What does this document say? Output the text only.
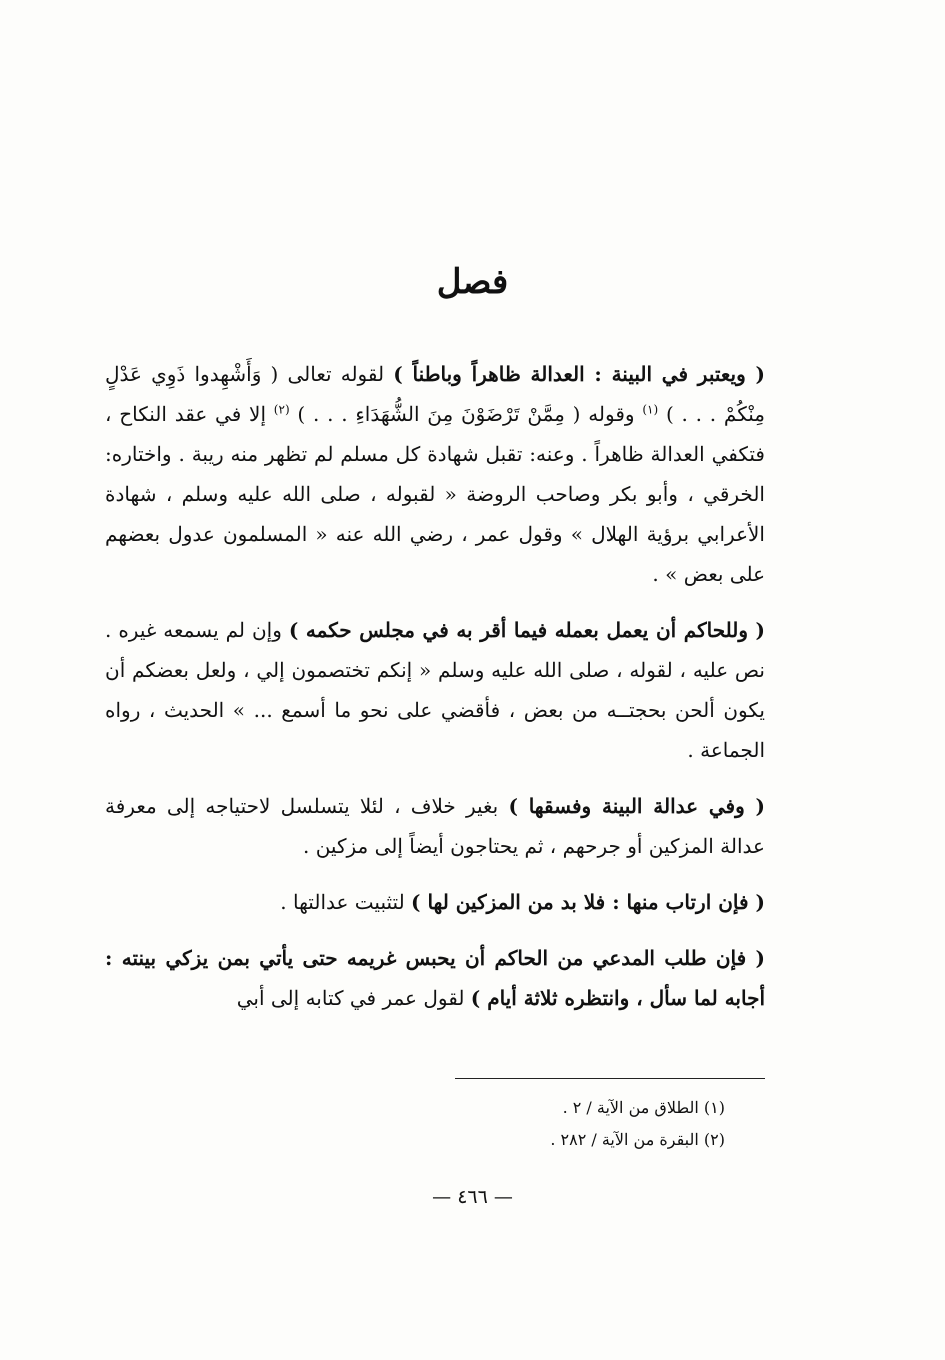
فصل

( ويعتبر في البينة : العدالة ظاهراً وباطناً ) لقوله تعالى ( وَأَشْهِدوا ذَوِي عَدْلٍ مِنْكُمْ . . . ) $^{(١)}$ وقوله ( مِمَّنْ تَرْضَوْنَ مِنَ الشُّهَدَاءِ . . . ) $^{(٢)}$ إلا في عقد النكاح ، فتكفي العدالة ظاهراً . وعنه: تقبل شهادة كل مسلم لم تظهر منه ريبة . واختاره: الخرقي ، وأبو بكر وصاحب الروضة « لقبوله ، صلى الله عليه وسلم ، شهادة الأعرابي برؤية الهلال » وقول عمر ، رضي الله عنه « المسلمون عدول بعضهم على بعض » .

( وللحاكم أن يعمل بعمله فيما أقر به في مجلس حكمه ) وإن لم يسمعه غيره . نص عليه ، لقوله ، صلى الله عليه وسلم « إنكم تختصمون إلي ، ولعل بعضكم أن يكون ألحن بحجتــه من بعض ، فأقضي على نحو ما أسمع ... » الحديث ، رواه الجماعة .

( وفي عدالة البينة وفسقها ) بغير خلاف ، لئلا يتسلسل لاحتياجه إلى معرفة عدالة المزكين أو جرحهم ، ثم يحتاجون أيضاً إلى مزكين .

( فإن ارتاب منها : فلا بد من المزكين لها ) لتثبيت عدالتها .

( فإن طلب المدعي من الحاكم أن يحبس غريمه حتى يأتي بمن يزكي بينته : أجابه لما سأل ، وانتظره ثلاثة أيام ) لقول عمر في كتابه إلى أبي

(١) الطلاق من الآية / ٢ .

(٢) البقرة من الآية / ٢٨٢ .

— ٤٦٦ —
